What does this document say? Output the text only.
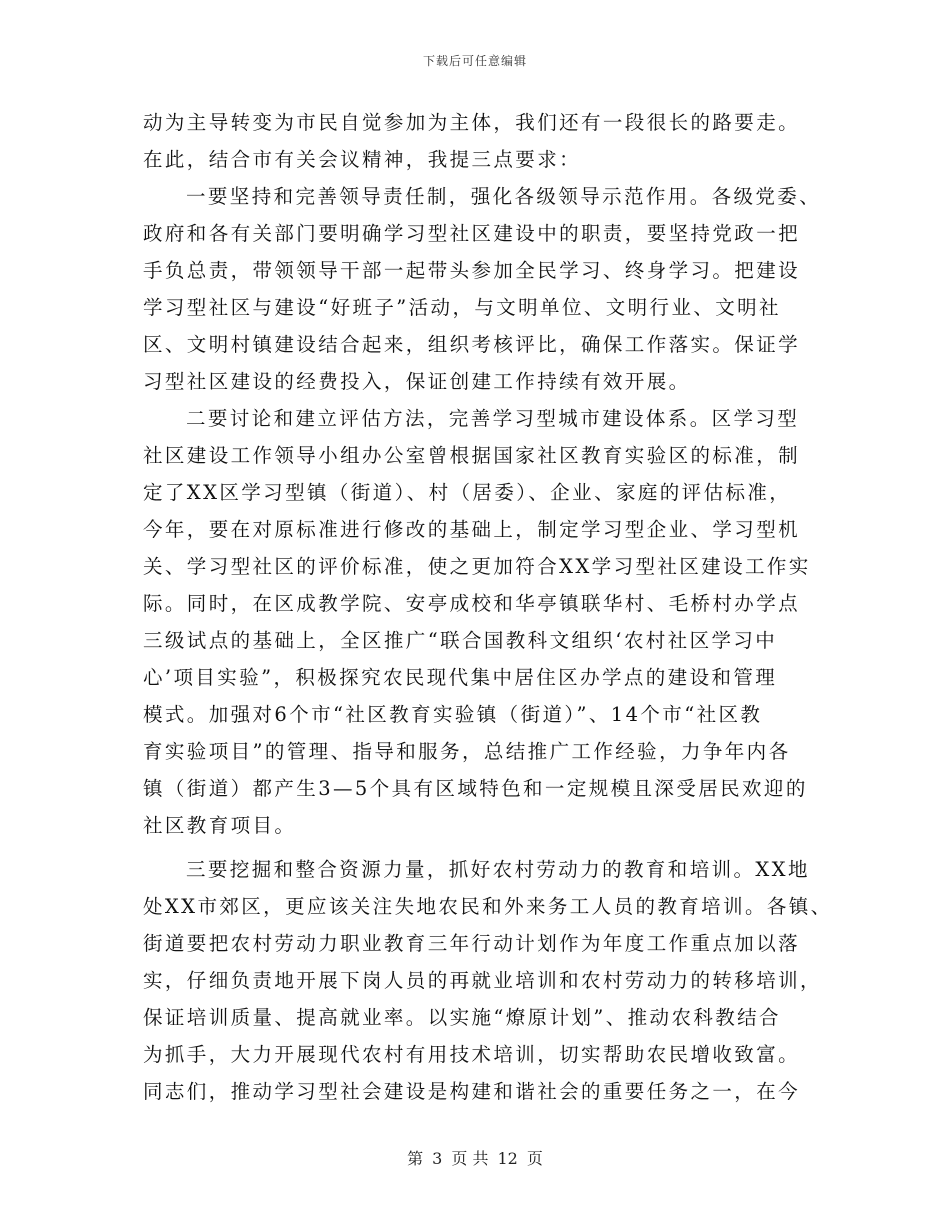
下载后可任意编辑
动为主导转变为市民自觉参加为主体，我们还有一段很长的路要走。
在此，结合市有关会议精神，我提三点要求：
一要坚持和完善领导责任制，强化各级领导示范作用。各级党委、
政府和各有关部门要明确学习型社区建设中的职责，要坚持党政一把
手负总责，带领领导干部一起带头参加全民学习、终身学习。把建设
学习型社区与建设“好班子”活动，与文明单位、文明行业、文明社
区、文明村镇建设结合起来，组织考核评比，确保工作落实。保证学
习型社区建设的经费投入，保证创建工作持续有效开展。
二要讨论和建立评估方法，完善学习型城市建设体系。区学习型
社区建设工作领导小组办公室曾根据国家社区教育实验区的标准，制
定了XX区学习型镇（街道）、村（居委）、企业、家庭的评估标准，
今年，要在对原标准进行修改的基础上，制定学习型企业、学习型机
关、学习型社区的评价标准，使之更加符合XX学习型社区建设工作实
际。同时，在区成教学院、安亭成校和华亭镇联华村、毛桥村办学点
三级试点的基础上，全区推广“联合国教科文组织‘农村社区学习中
心’项目实验”，积极探究农民现代集中居住区办学点的建设和管理
模式。加强对6个市“社区教育实验镇（街道）”、14个市“社区教
育实验项目”的管理、指导和服务，总结推广工作经验，力争年内各
镇（街道）都产生3—5个具有区域特色和一定规模且深受居民欢迎的
社区教育项目。
三要挖掘和整合资源力量，抓好农村劳动力的教育和培训。XX地
处XX市郊区，更应该关注失地农民和外来务工人员的教育培训。各镇、
街道要把农村劳动力职业教育三年行动计划作为年度工作重点加以落
实，仔细负责地开展下岗人员的再就业培训和农村劳动力的转移培训，
保证培训质量、提高就业率。以实施“燎原计划”、推动农科教结合
为抓手，大力开展现代农村有用技术培训，切实帮助农民增收致富。
同志们，推动学习型社会建设是构建和谐社会的重要任务之一，在今
第 3 页 共 12 页
